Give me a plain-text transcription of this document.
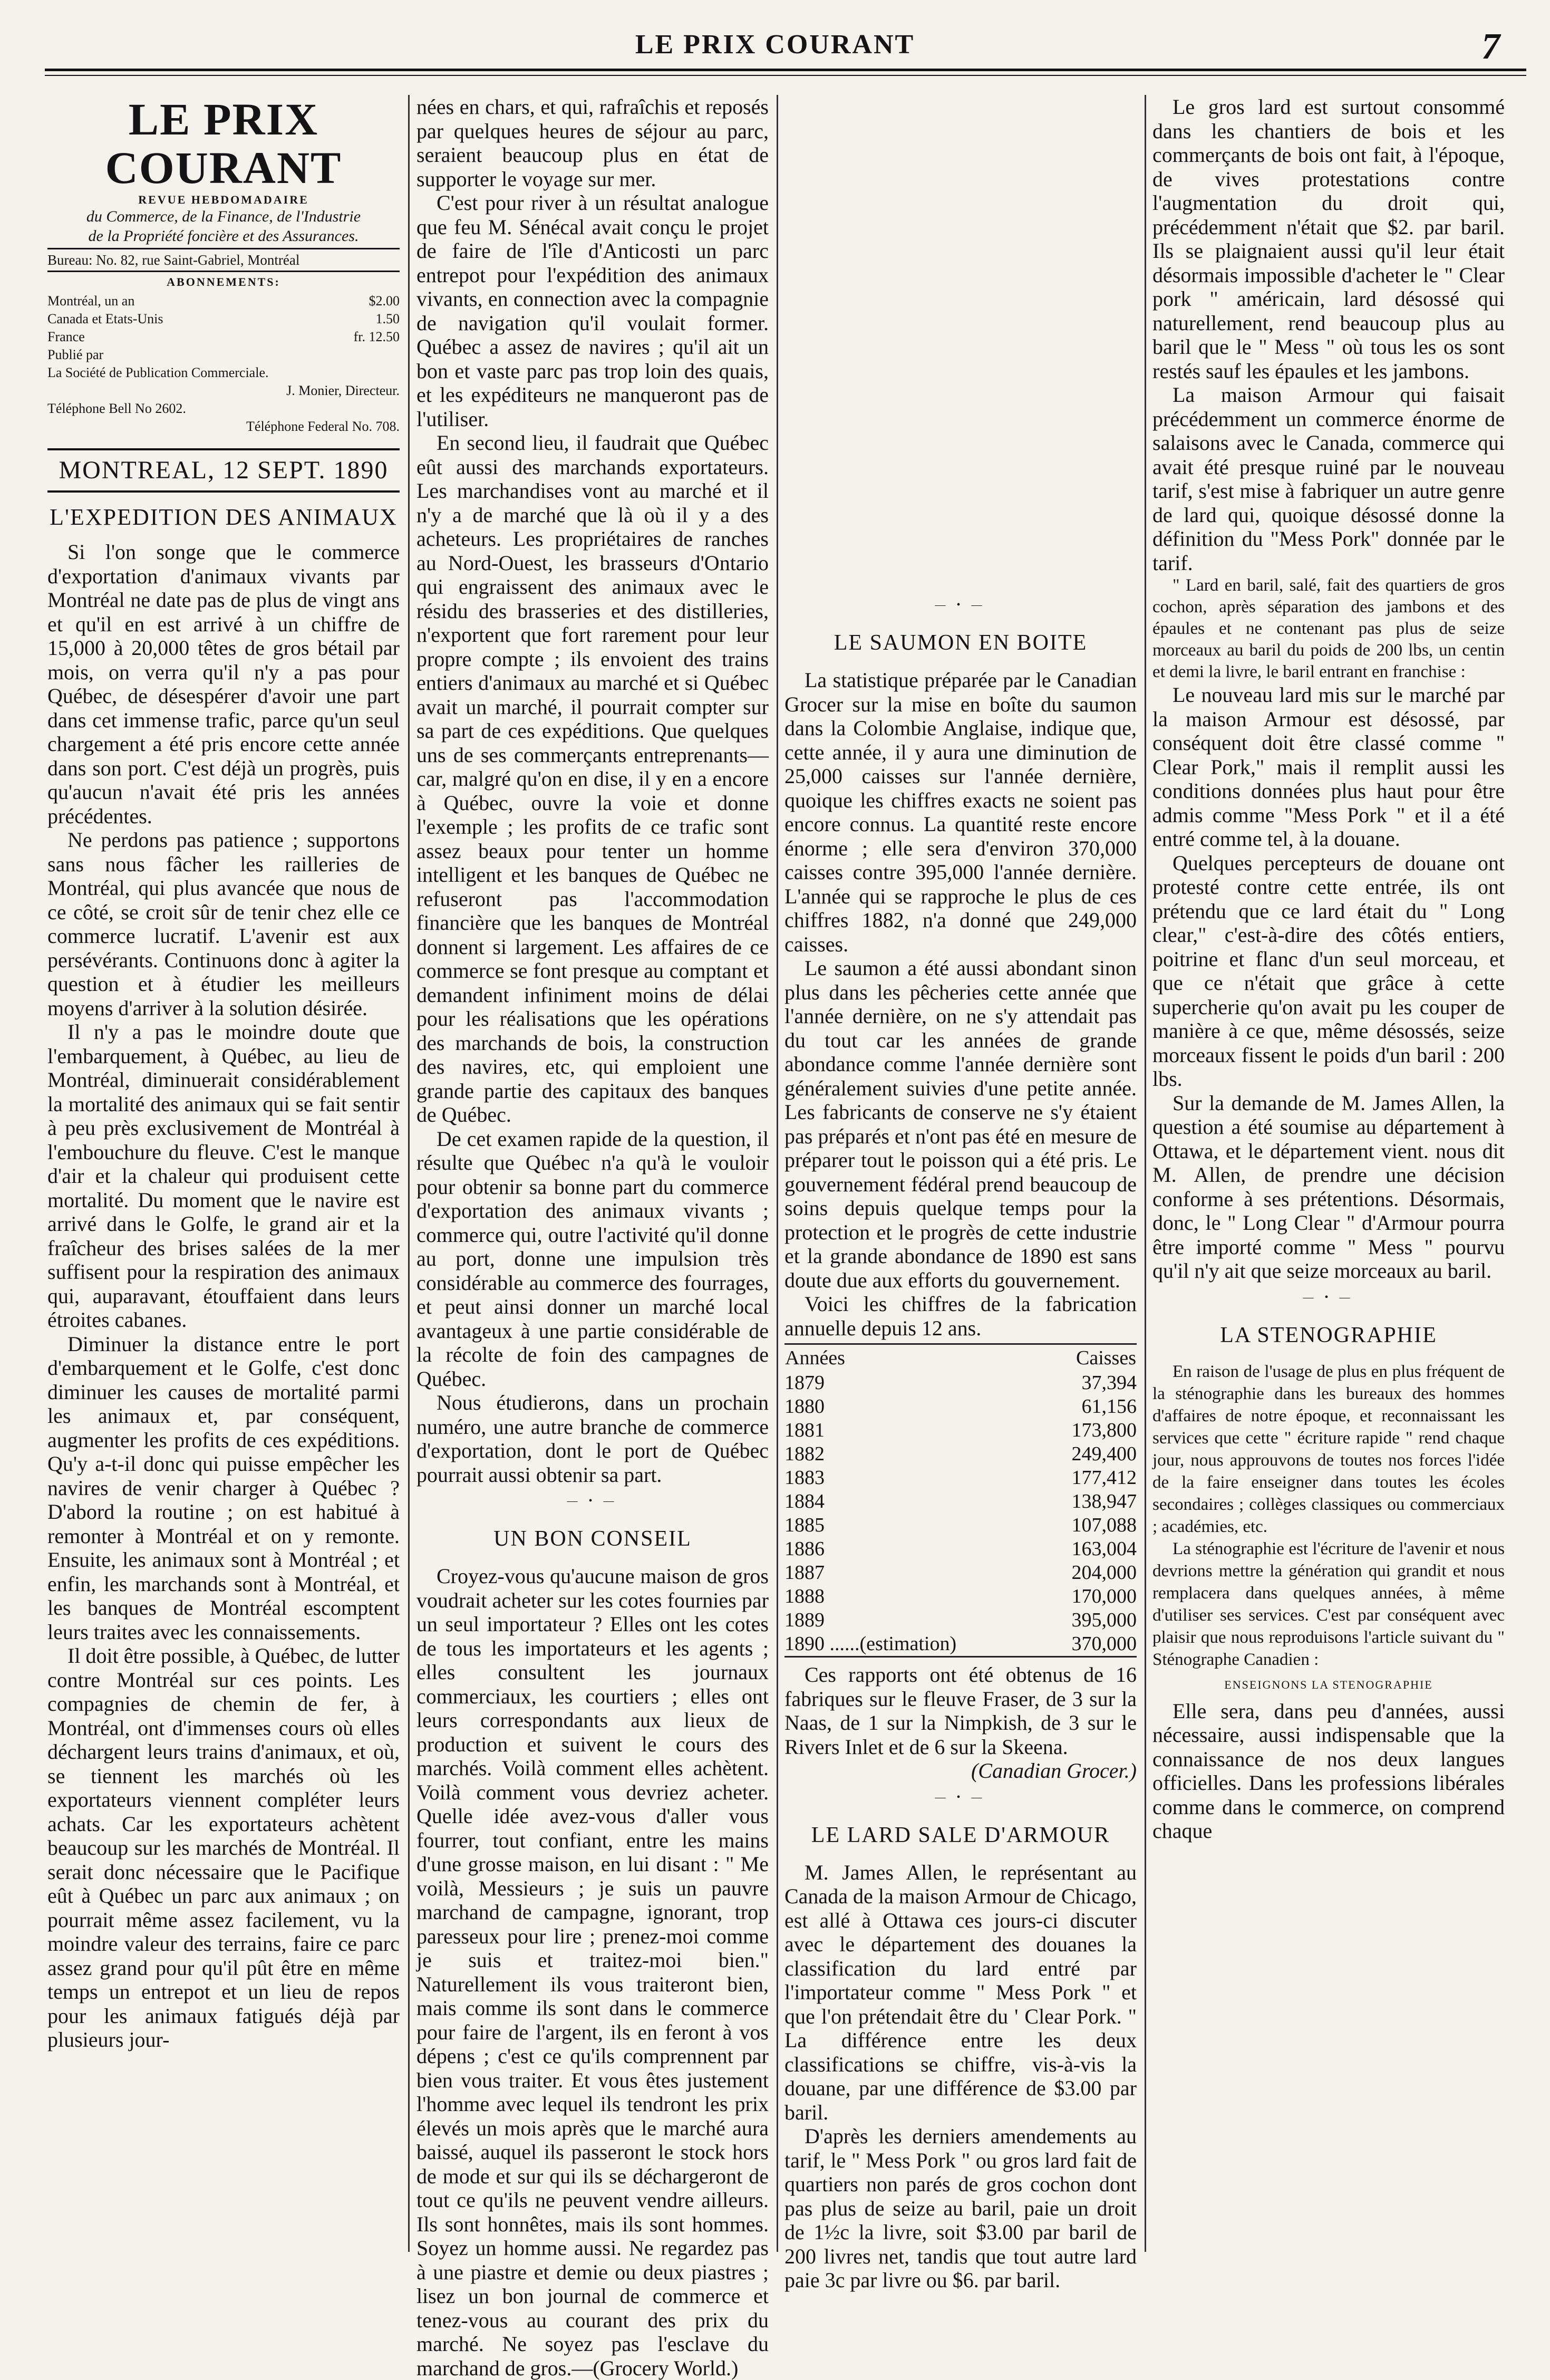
LE PRIX COURANT	7
LE PRIX COURANT
REVUE HEBDOMADAIRE
du Commerce, de la Finance, de l'Industrie
de la Propriété foncière et des Assurances.
Bureau: No. 82, rue Saint-Gabriel, Montréal
ABONNEMENTS:
Montréal, un an	$2.00
Canada et Etats-Unis	1.50
France	fr. 12.50
Publié par
La Société de Publication Commerciale.
J. Monier, Directeur.
Téléphone Bell No 2602.
Téléphone Federal No. 708.
MONTREAL, 12 SEPT. 1890
L'EXPEDITION DES ANIMAUX

Si l'on songe que le commerce d'exportation d'animaux vivants par Montréal ne date pas de plus de vingt ans et qu'il en est arrivé à un chiffre de 15,000 à 20,000 têtes de gros bétail par mois, on verra qu'il n'y a pas pour Québec, de désespérer d'avoir une part dans cet immense trafic, parce qu'un seul chargement a été pris encore cette année dans son port. C'est déjà un progrès, puis qu'aucun n'avait été pris les années précédentes.

Ne perdons pas patience ; supportons sans nous fâcher les railleries de Montréal, qui plus avancée que nous de ce côté, se croit sûr de tenir chez elle ce commerce lucratif. L'avenir est aux persévérants. Continuons donc à agiter la question et à étudier les meilleurs moyens d'arriver à la solution désirée.

Il n'y a pas le moindre doute que l'embarquement, à Québec, au lieu de Montréal, diminuerait considérablement la mortalité des animaux qui se fait sentir à peu près exclusivement de Montréal à l'embouchure du fleuve. C'est le manque d'air et la chaleur qui produisent cette mortalité. Du moment que le navire est arrivé dans le Golfe, le grand air et la fraîcheur des brises salées de la mer suffisent pour la respiration des animaux qui, auparavant, étouffaient dans leurs étroites cabanes.

Diminuer la distance entre le port d'embarquement et le Golfe, c'est donc diminuer les causes de mortalité parmi les animaux et, par conséquent, augmenter les profits de ces expéditions. Qu'y a-t-il donc qui puisse empêcher les navires de venir charger à Québec ? D'abord la routine ; on est habitué à remonter à Montréal et on y remonte. Ensuite, les animaux sont à Montréal ; et enfin, les marchands sont à Montréal, et les banques de Montréal escomptent leurs traites avec les connaissements.

Il doit être possible, à Québec, de lutter contre Montréal sur ces points. Les compagnies de chemin de fer, à Montréal, ont d'immenses cours où elles déchargent leurs trains d'animaux, et où, se tiennent les marchés où les exportateurs viennent compléter leurs achats. Car les exportateurs achètent beaucoup sur les marchés de Montréal. Il serait donc nécessaire que le Pacifique eût à Québec un parc aux animaux ; on pourrait même assez facilement, vu la moindre valeur des terrains, faire ce parc assez grand pour qu'il pût être en même temps un entrepot et un lieu de repos pour les animaux fatigués déjà par plusieurs jour-

nées en chars, et qui, rafraîchis et reposés par quelques heures de séjour au parc, seraient beaucoup plus en état de supporter le voyage sur mer.

C'est pour river à un résultat analogue que feu M. Sénécal avait conçu le projet de faire de l'île d'Anticosti un parc entrepot pour l'expédition des animaux vivants, en connection avec la compagnie de navigation qu'il voulait former. Québec a assez de navires ; qu'il ait un bon et vaste parc pas trop loin des quais, et les expéditeurs ne manqueront pas de l'utiliser.

En second lieu, il faudrait que Québec eût aussi des marchands exportateurs. Les marchandises vont au marché et il n'y a de marché que là où il y a des acheteurs. Les propriétaires de ranches au Nord-Ouest, les brasseurs d'Ontario qui engraissent des animaux avec le résidu des brasseries et des distilleries, n'exportent que fort rarement pour leur propre compte ; ils envoient des trains entiers d'animaux au marché et si Québec avait un marché, il pourrait compter sur sa part de ces expéditions. Que quelques uns de ses commerçants entreprenants—car, malgré qu'on en dise, il y en a encore à Québec, ouvre la voie et donne l'exemple ; les profits de ce trafic sont assez beaux pour tenter un homme intelligent et les banques de Québec ne refuseront pas l'accommodation financière que les banques de Montréal donnent si largement. Les affaires de ce commerce se font presque au comptant et demandent infiniment moins de délai pour les réalisations que les opérations des marchands de bois, la construction des navires, etc, qui emploient une grande partie des capitaux des banques de Québec.

De cet examen rapide de la question, il résulte que Québec n'a qu'à le vouloir pour obtenir sa bonne part du commerce d'exportation des animaux vivants ; commerce qui, outre l'activité qu'il donne au port, donne une impulsion très considérable au commerce des fourrages, et peut ainsi donner un marché local avantageux à une partie considérable de la récolte de foin des campagnes de Québec.

Nous étudierons, dans un prochain numéro, une autre branche de commerce d'exportation, dont le port de Québec pourrait aussi obtenir sa part.

— • —
UN BON CONSEIL

Croyez-vous qu'aucune maison de gros voudrait acheter sur les cotes fournies par un seul importateur ? Elles ont les cotes de tous les importateurs et les agents ; elles consultent les journaux commerciaux, les courtiers ; elles ont leurs correspondants aux lieux de production et suivent le cours des marchés. Voilà comment elles achètent. Voilà comment vous devriez acheter. Quelle idée avez-vous d'aller vous fourrer, tout confiant, entre les mains d'une grosse maison, en lui disant : " Me voilà, Messieurs ; je suis un pauvre marchand de campagne, ignorant, trop paresseux pour lire ; prenez-moi comme je suis et traitez-moi bien." Naturellement ils vous traiteront bien, mais comme ils sont dans le commerce pour faire de l'argent, ils en feront à vos dépens ; c'est ce qu'ils comprennent par bien vous traiter. Et vous êtes justement l'homme avec lequel ils tendront les prix élevés un mois après que le marché aura baissé, auquel ils passeront le stock hors de mode et sur qui ils se déchargeront de tout ce qu'ils ne peuvent vendre ailleurs. Ils sont honnêtes, mais ils sont hommes. Soyez un homme aussi. Ne regardez pas à une piastre et demie ou deux piastres ; lisez un bon journal de commerce et tenez-vous au courant des prix du marché. Ne soyez pas l'esclave du marchand de gros.—(Grocery World.)

— • —
LE SAUMON EN BOITE

La statistique préparée par le Canadian Grocer sur la mise en boîte du saumon dans la Colombie Anglaise, indique que, cette année, il y aura une diminution de 25,000 caisses sur l'année dernière, quoique les chiffres exacts ne soient pas encore connus. La quantité reste encore énorme ; elle sera d'environ 370,000 caisses contre 395,000 l'année dernière. L'année qui se rapproche le plus de ces chiffres 1882, n'a donné que 249,000 caisses.

Le saumon a été aussi abondant sinon plus dans les pêcheries cette année que l'année dernière, on ne s'y attendait pas du tout car les années de grande abondance comme l'année dernière sont généralement suivies d'une petite année. Les fabricants de conserve ne s'y étaient pas préparés et n'ont pas été en mesure de préparer tout le poisson qui a été pris. Le gouvernement fédéral prend beaucoup de soins depuis quelque temps pour la protection et le progrès de cette industrie et la grande abondance de 1890 est sans doute due aux efforts du gouvernement.

Voici les chiffres de la fabrication annuelle depuis 12 ans.

Années	Caisses
1879	37,394
1880	61,156
1881	173,800
1882	249,400
1883	177,412
1884	138,947
1885	107,088
1886	163,004
1887	204,000
1888	170,000
1889	395,000
1890 ......(estimation)	370,000

Ces rapports ont été obtenus de 16 fabriques sur le fleuve Fraser, de 3 sur la Naas, de 1 sur la Nimpkish, de 3 sur le Rivers Inlet et de 6 sur la Skeena.

(Canadian Grocer.)

— • —
LE LARD SALE D'ARMOUR

M. James Allen, le représentant au Canada de la maison Armour de Chicago, est allé à Ottawa ces jours-ci discuter avec le département des douanes la classification du lard entré par l'importateur comme " Mess Pork " et que l'on prétendait être du ' Clear Pork. " La différence entre les deux classifications se chiffre, vis-à-vis la douane, par une différence de $3.00 par baril.

D'après les derniers amendements au tarif, le " Mess Pork " ou gros lard fait de quartiers non parés de gros cochon dont pas plus de seize au baril, paie un droit de 1½c la livre, soit $3.00 par baril de 200 livres net, tandis que tout autre lard paie 3c par livre ou $6. par baril.

Le gros lard est surtout consommé dans les chantiers de bois et les commerçants de bois ont fait, à l'époque, de vives protestations contre l'augmentation du droit qui, précédemment n'était que $2. par baril. Ils se plaignaient aussi qu'il leur était désormais impossible d'acheter le " Clear pork " américain, lard désossé qui naturellement, rend beaucoup plus au baril que le " Mess " où tous les os sont restés sauf les épaules et les jambons.

La maison Armour qui faisait précédemment un commerce énorme de salaisons avec le Canada, commerce qui avait été presque ruiné par le nouveau tarif, s'est mise à fabriquer un autre genre de lard qui, quoique désossé donne la définition du "Mess Pork" donnée par le tarif.

" Lard en baril, salé, fait des quartiers de gros cochon, après séparation des jambons et des épaules et ne contenant pas plus de seize morceaux au baril du poids de 200 lbs, un centin et demi la livre, le baril entrant en franchise :

Le nouveau lard mis sur le marché par la maison Armour est désossé, par conséquent doit être classé comme " Clear Pork," mais il remplit aussi les conditions données plus haut pour être admis comme "Mess Pork " et il a été entré comme tel, à la douane.

Quelques percepteurs de douane ont protesté contre cette entrée, ils ont prétendu que ce lard était du " Long clear," c'est-à-dire des côtés entiers, poitrine et flanc d'un seul morceau, et que ce n'était que grâce à cette supercherie qu'on avait pu les couper de manière à ce que, même désossés, seize morceaux fissent le poids d'un baril : 200 lbs.

Sur la demande de M. James Allen, la question a été soumise au département à Ottawa, et le département vient. nous dit M. Allen, de prendre une décision conforme à ses prétentions. Désormais, donc, le " Long Clear " d'Armour pourra être importé comme " Mess " pourvu qu'il n'y ait que seize morceaux au baril.

— • —
LA STENOGRAPHIE

En raison de l'usage de plus en plus fréquent de la sténographie dans les bureaux des hommes d'affaires de notre époque, et reconnaissant les services que cette " écriture rapide " rend chaque jour, nous approuvons de toutes nos forces l'idée de la faire enseigner dans toutes les écoles secondaires ; collèges classiques ou commerciaux ; académies, etc.

La sténographie est l'écriture de l'avenir et nous devrions mettre la génération qui grandit et nous remplacera dans quelques années, à même d'utiliser ses services. C'est par conséquent avec plaisir que nous reproduisons l'article suivant du " Sténographe Canadien :

ENSEIGNONS LA STENOGRAPHIE

Elle sera, dans peu d'années, aussi nécessaire, aussi indispensable que la connaissance de nos deux langues officielles. Dans les professions libérales comme dans le commerce, on comprend chaque
